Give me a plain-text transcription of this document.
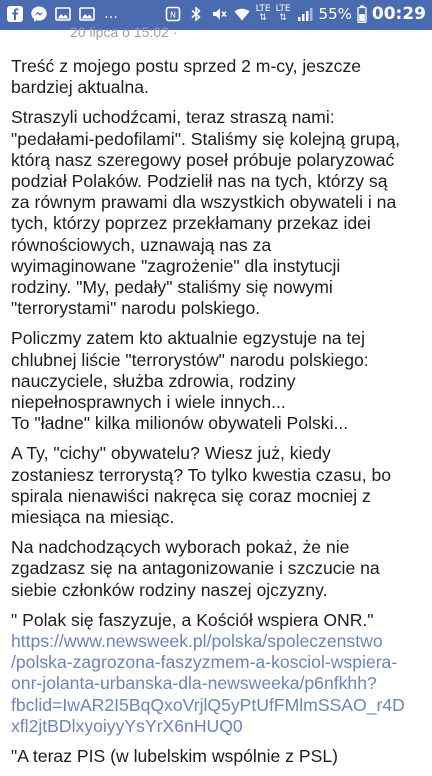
…	N
LTE
⇅
LTE
⇅ 55% 00:29
20 lipca o 15:02 ·

Treść z mojego postu sprzed 2 m-cy, jeszcze
bardziej aktualna.

Straszyli uchodźcami, teraz straszą nami:
"pedałami-pedofilami". Staliśmy się kolejną grupą,
którą nasz szeregowy poseł próbuje polaryzować
podział Polaków. Podzielił nas na tych, którzy są
za równym prawami dla wszystkich obywateli i na
tych, którzy poprzez przekłamany przekaz idei
równościowych, uznawają nas za
wyimaginowane "zagrożenie" dla instytucji
rodziny. "My, pedały" staliśmy się nowymi
"terrorystami" narodu polskiego.

Policzmy zatem kto aktualnie egzystuje na tej
chlubnej liście "terrorystów" narodu polskiego:
nauczyciele, służba zdrowia, rodziny
niepełnosprawnych i wiele innych...
To "ładne" kilka milionów obywateli Polski...

A Ty, "cichy" obywatelu? Wiesz już, kiedy
zostaniesz terrorystą? To tylko kwestia czasu, bo
spirala nienawiści nakręca się coraz mocniej z
miesiąca na miesiąc.

Na nadchodzących wyborach pokaż, że nie
zgadzasz się na antagonizowanie i szczucie na
siebie członków rodziny naszej ojczyzny.

" Polak się faszyzuje, a Kościół wspiera ONR."
https://www.newsweek.pl/polska/spoleczenstwo
/polska-zagrozona-faszyzmem-a-kosciol-wspiera-
onr-jolanta-urbanska-dla-newsweeka/p6nfkhh?
fbclid=IwAR2I5BqQxoVrjlQ5yPtUfFMlmSSAO_r4D
xfl2jtBDlxyoiyyYsYrX6nHUQ0

"A teraz PIS (w lubelskim wspólnie z PSL)
